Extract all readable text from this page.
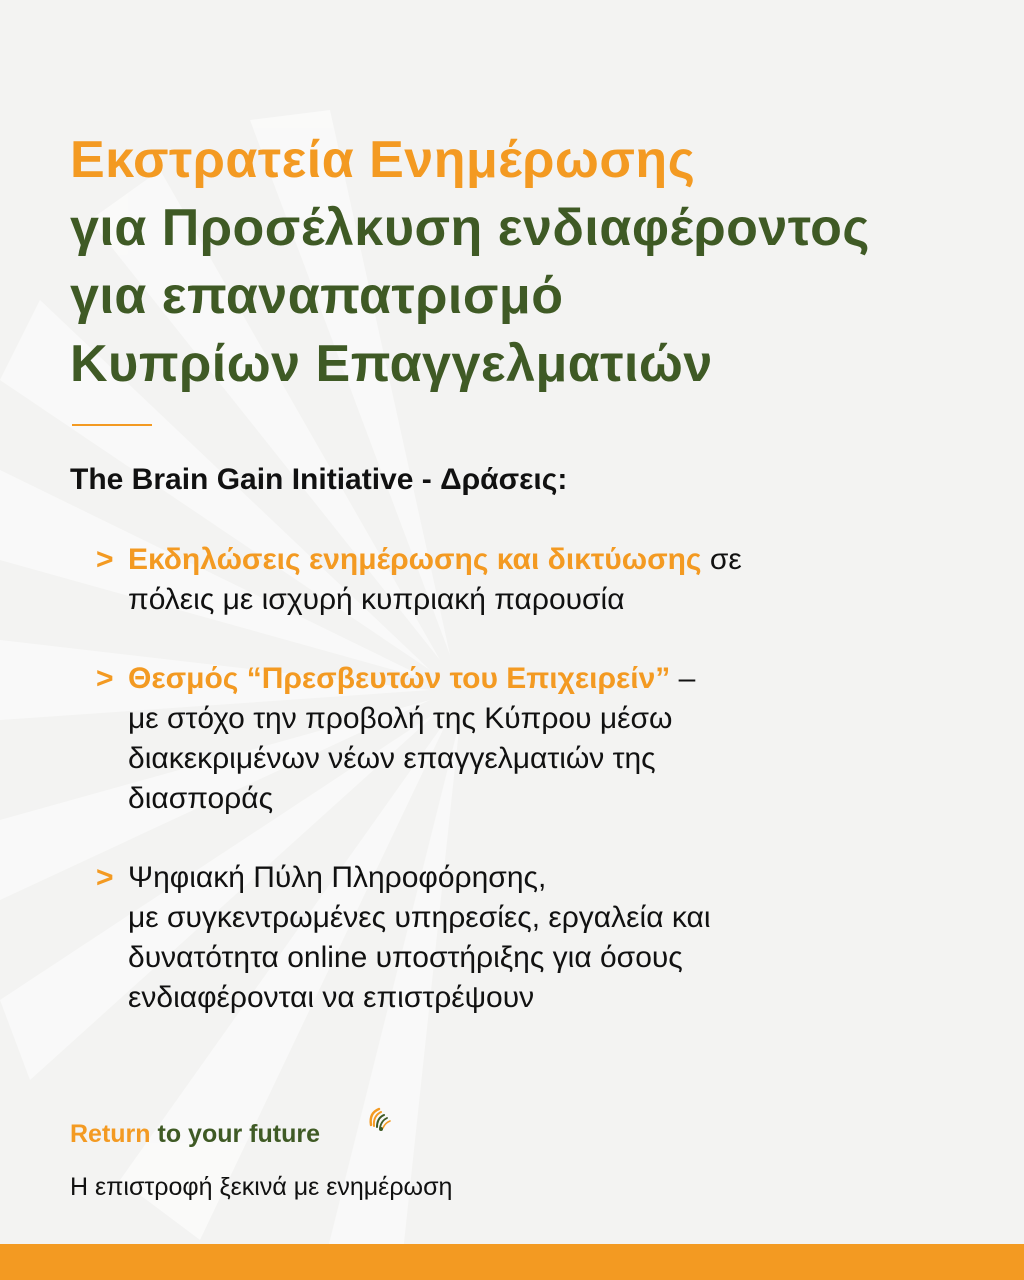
Εκστρατεία Ενημέρωσης
για Προσέλκυση ενδιαφέροντος
για επαναπατρισμό
Κυπρίων Επαγγελματιών
The Brain Gain Initiative - Δράσεις:
> Εκδηλώσεις ενημέρωσης και δικτύωσης σε
πόλεις με ισχυρή κυπριακή παρουσία
> Θεσμός “Πρεσβευτών του Επιχειρείν” –
με στόχο την προβολή της Κύπρου μέσω
διακεκριμένων νέων επαγγελματιών της
διασποράς
> Ψηφιακή Πύλη Πληροφόρησης,
με συγκεντρωμένες υπηρεσίες, εργαλεία και
δυνατότητα online υποστήριξης για όσους
ενδιαφέρονται να επιστρέψουν
Return to your future
Η επιστροφή ξεκινά με ενημέρωση
